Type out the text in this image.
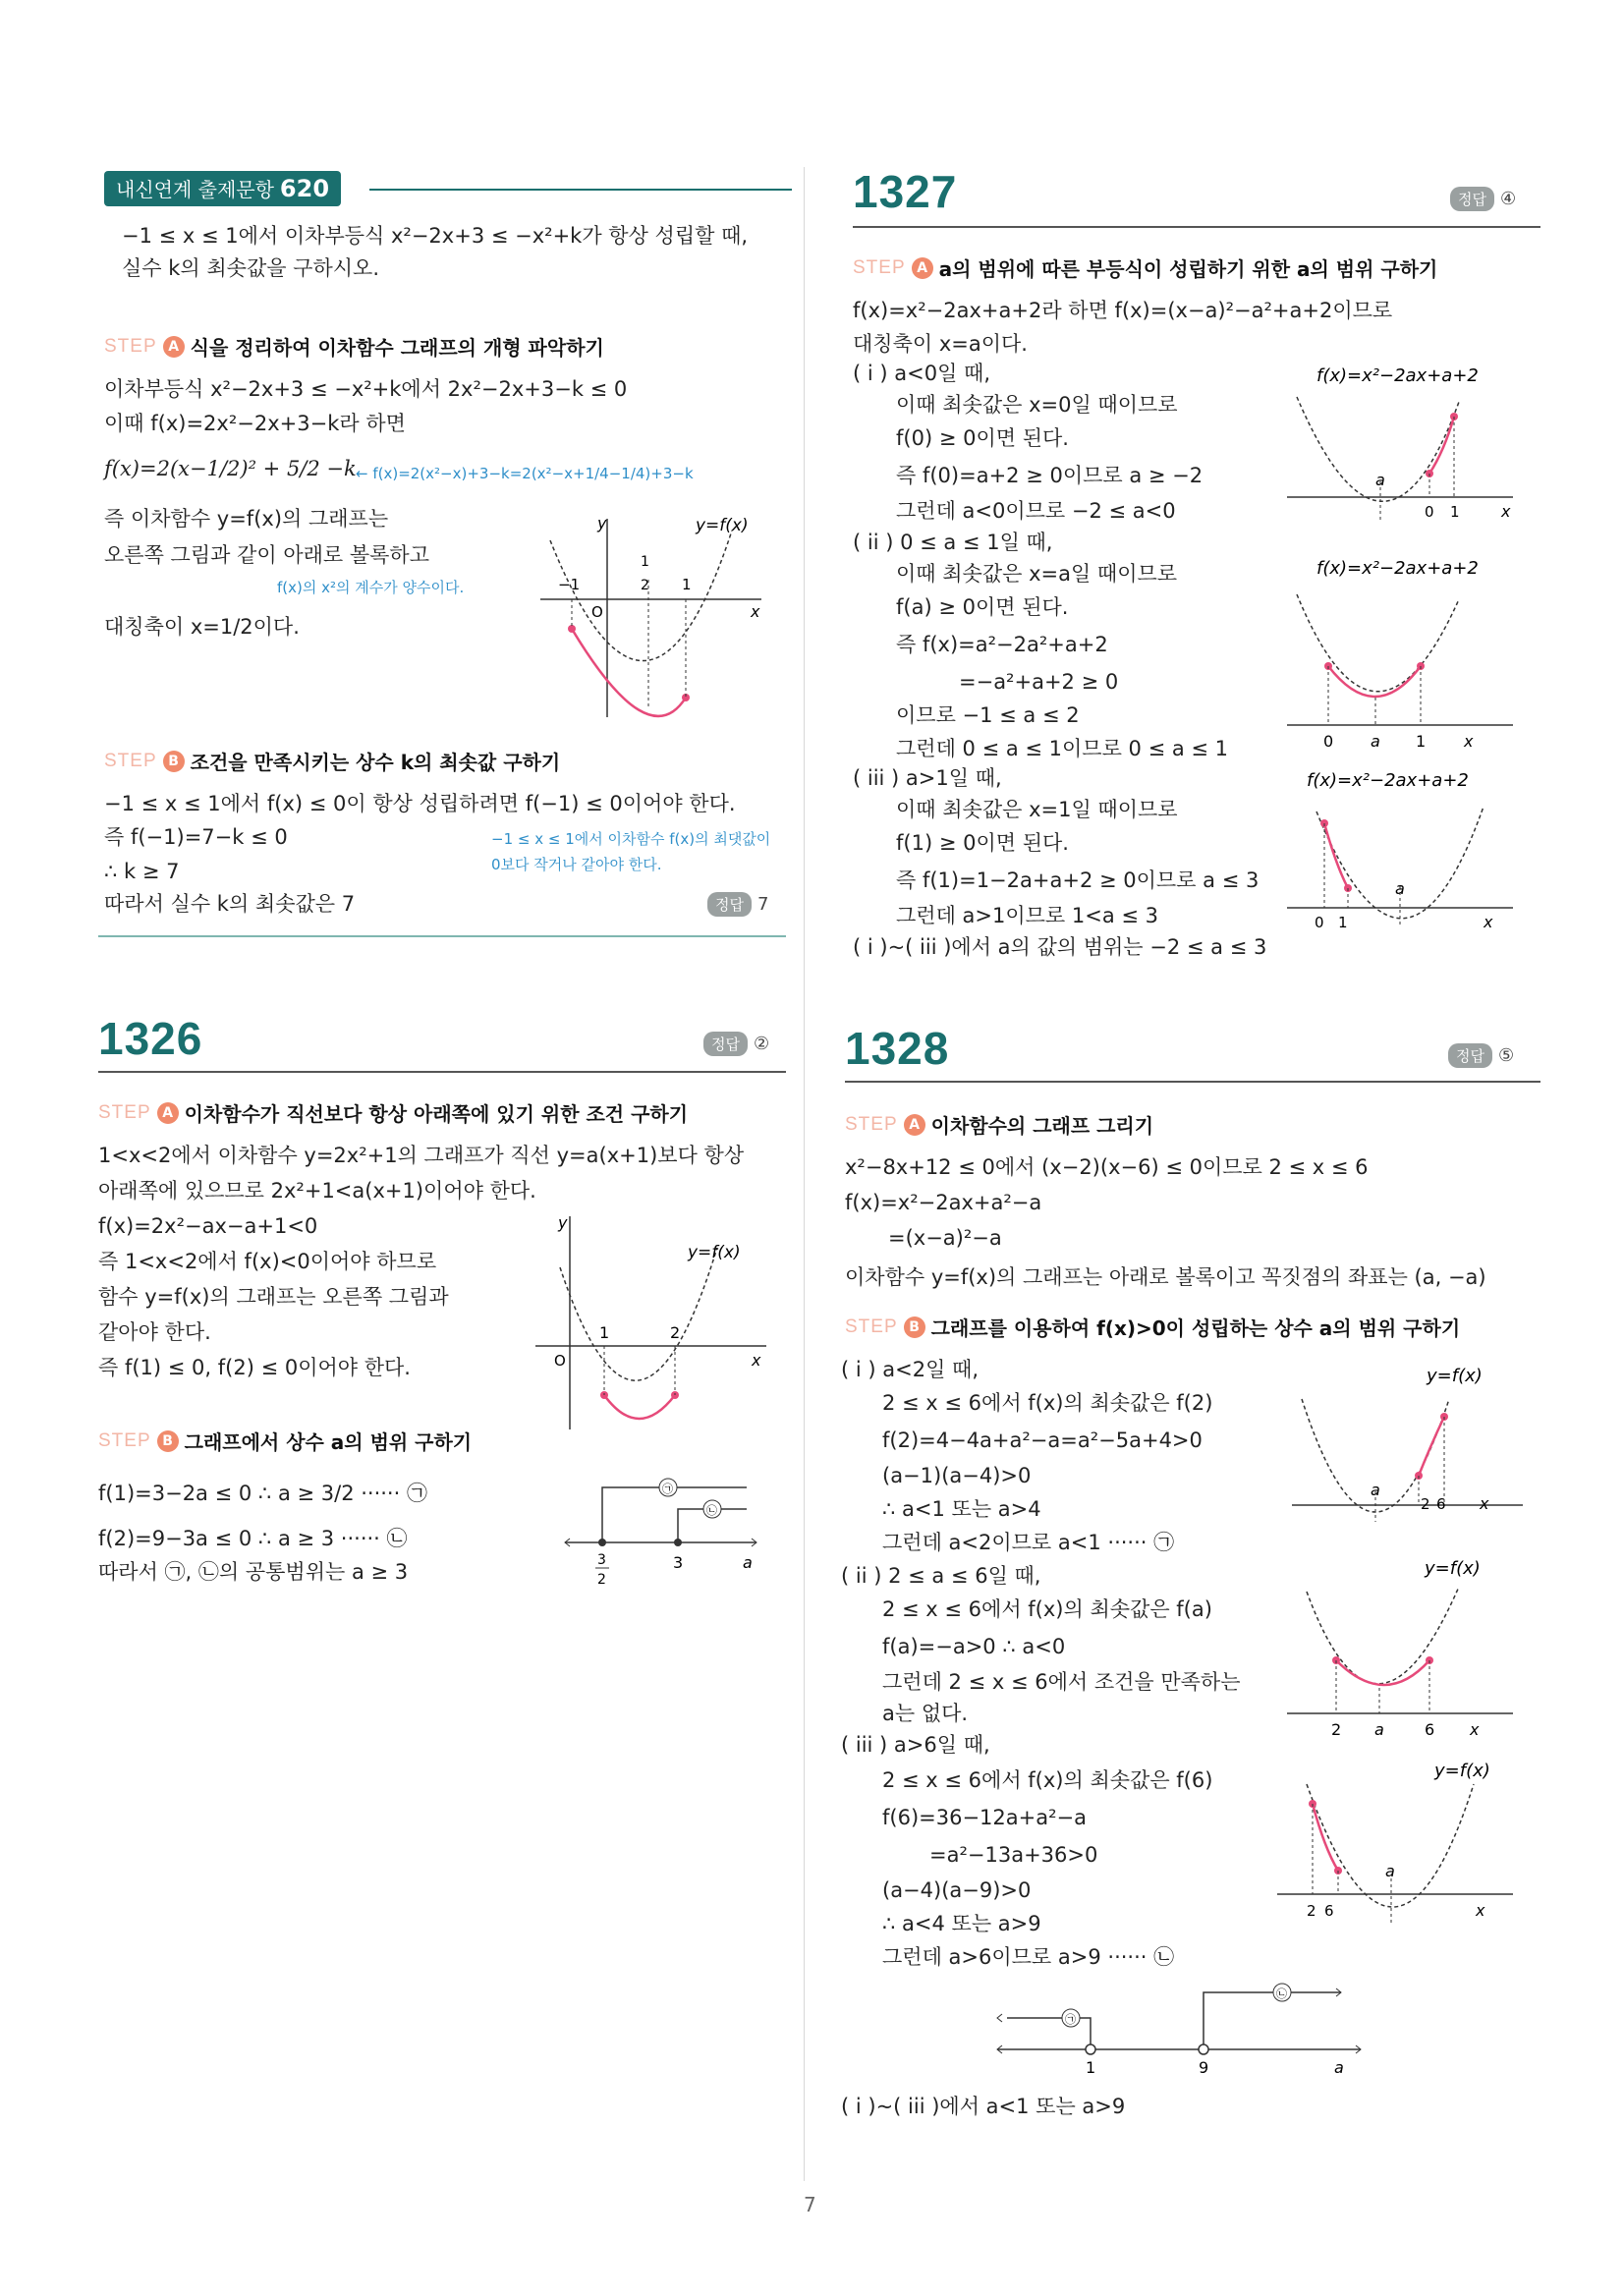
내신연계 출제문항 620
−1 ≤ x ≤ 1에서 이차부등식 x²−2x+3 ≤ −x²+k가 항상 성립할 때,
실수 k의 최솟값을 구하시오.
STEP A 식을 정리하여 이차함수 그래프의 개형 파악하기
이차부등식 x²−2x+3 ≤ −x²+k에서 2x²−2x+3−k ≤ 0
이때 f(x)=2x²−2x+3−k라 하면
f(x)=2(x−1/2)² + 5/2 −k ← f(x)=2(x²−x)+3−k=2(x²−x+1/4−1/4)+3−k
즉 이차함수 y=f(x)의 그래프는
오른쪽 그림과 같이 아래로 볼록하고
f(x)의 x²의 계수가 양수이다.
대칭축이 x=1/2이다.
y
x
O
−1
1
2 1
y=f(x)
STEP B 조건을 만족시키는 상수 k의 최솟값 구하기
−1 ≤ x ≤ 1에서 f(x) ≤ 0이 항상 성립하려면 f(−1) ≤ 0이어야 한다.
즉 f(−1)=7−k ≤ 0	−1 ≤ x ≤ 1에서 이차함수 f(x)의 최댓값이
0보다 작거나 같아야 한다.
∴ k ≥ 7
따라서 실수 k의 최솟값은 7	정답 7
1326	정답 ②
STEP A 이차함수가 직선보다 항상 아래쪽에 있기 위한 조건 구하기
1<x<2에서 이차함수 y=2x²+1의 그래프가 직선 y=a(x+1)보다 항상
아래쪽에 있으므로 2x²+1<a(x+1)이어야 한다.
f(x)=2x²−ax−a+1<0
즉 1<x<2에서 f(x)<0이어야 하므로
함수 y=f(x)의 그래프는 오른쪽 그림과
같아야 한다.
즉 f(1) ≤ 0, f(2) ≤ 0이어야 한다.
y
x
O
1	2
y=f(x)
STEP B 그래프에서 상수 a의 범위 구하기
f(1)=3−2a ≤ 0 ∴ a ≥ 3/2 ······ ㉠
f(2)=9−3a ≤ 0 ∴ a ≥ 3 ······ ㉡
따라서 ㉠, ㉡의 공통범위는 a ≥ 3
㉠
㉡
3
2
3	a
1327	정답 ④
STEP A a의 범위에 따른 부등식이 성립하기 위한 a의 범위 구하기
f(x)=x²−2ax+a+2라 하면 f(x)=(x−a)²−a²+a+2이므로
대칭축이 x=a이다.
( i ) a<0일 때,
이때 최솟값은 x=0일 때이므로
f(0) ≥ 0이면 된다.
즉 f(0)=a+2 ≥ 0이므로 a ≥ −2
그런데 a<0이므로 −2 ≤ a<0
( ii ) 0 ≤ a ≤ 1일 때,
이때 최솟값은 x=a일 때이므로
f(a) ≥ 0이면 된다.
즉 f(x)=a²−2a²+a+2
=−a²+a+2 ≥ 0
이므로 −1 ≤ a ≤ 2
그런데 0 ≤ a ≤ 1이므로 0 ≤ a ≤ 1
( iii ) a>1일 때,
이때 최솟값은 x=1일 때이므로
f(1) ≥ 0이면 된다.
즉 f(1)=1−2a+a+2 ≥ 0이므로 a ≤ 3
그런데 a>1이므로 1<a ≤ 3
( i )~( iii )에서 a의 값의 범위는 −2 ≤ a ≤ 3
f(x)=x²−2ax+a+2
a
0 1	x
f(x)=x²−2ax+a+2
0 a 1 x
f(x)=x²−2ax+a+2
a
0 1	x
1328	정답 ⑤
STEP A 이차함수의 그래프 그리기
x²−8x+12 ≤ 0에서 (x−2)(x−6) ≤ 0이므로 2 ≤ x ≤ 6
f(x)=x²−2ax+a²−a
=(x−a)²−a
이차함수 y=f(x)의 그래프는 아래로 볼록이고 꼭짓점의 좌표는 (a, −a)
STEP B 그래프를 이용하여 f(x)>0이 성립하는 상수 a의 범위 구하기
( i ) a<2일 때,
2 ≤ x ≤ 6에서 f(x)의 최솟값은 f(2)
f(2)=4−4a+a²−a=a²−5a+4>0
(a−1)(a−4)>0
∴ a<1 또는 a>4
그런데 a<2이므로 a<1 ······ ㉠
( ii ) 2 ≤ a ≤ 6일 때,
2 ≤ x ≤ 6에서 f(x)의 최솟값은 f(a)
f(a)=−a>0 ∴ a<0
그런데 2 ≤ x ≤ 6에서 조건을 만족하는
a는 없다.
( iii ) a>6일 때,
2 ≤ x ≤ 6에서 f(x)의 최솟값은 f(6)
f(6)=36−12a+a²−a
=a²−13a+36>0
(a−4)(a−9)>0
∴ a<4 또는 a>9
그런데 a>6이므로 a>9 ······ ㉡
( i )~( iii )에서 a<1 또는 a>9
y=f(x)
a
2 6 x
y=f(x)
2 a	6 x
y=f(x)
a
2 6	x
㉠
㉡
1	9	a
7
